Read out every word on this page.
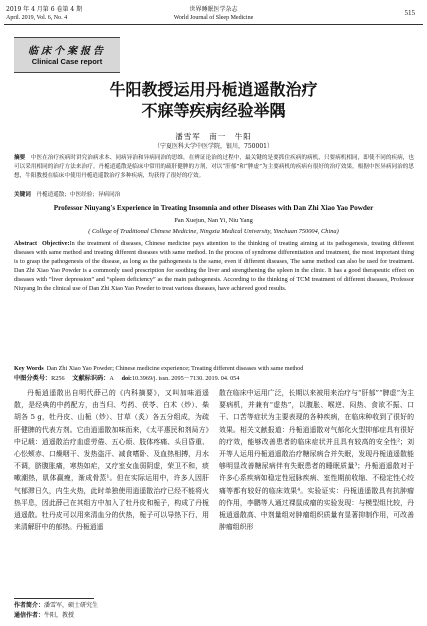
2019 年 4 月第 6 卷第 4 期
April. 2019, Vol. 6, No. 4
世界睡眠医学杂志
World Journal of Sleep Medicine
515
临床个案报告
Clinical Case report
牛阳教授运用丹栀逍遥散治疗
不寐等疾病经验举隅
潘雪军　南一　牛阳
（宁夏医科大学中医学院，银川，750001）
摘要　 中医在治疗疾病时讲究治病求本、同病异治和异病同治的思维，在辨证论治的过程中，最关键的是要抓住疾病的病机，只要病机相同，即使不同的疾病，也可以采用相同的治疗方法来治疗。丹栀逍遥散是临床中常用的疏肝健脾的方剂，对以“肝郁”和“脾虚”为主要病机的疾病有很好的治疗效果，根据中医异病同治的思想，牛阳教授在临床中使用丹栀逍遥散治疗多种疾病，均获得了很好的疗效。
关键词　 丹栀逍遥散；中医经验；异病同治
Professor Niuyang's Experience in Treating Insomnia and other Diseases with Dan Zhi Xiao Yao Powder
Pan Xuejun, Nan Yi, Niu Yang
( College of Traditional Chinese Medicine, Ningxia Medical University, Yinchuan 750004, China)
Abstract Objective:In the treatment of diseases, Chinese medicine pays attention to the thinking of treating aiming at its pathogenesis, treating different diseases with same method and treating different diseases with same method. In the process of syndrome differentiation and treatment, the most important thing is to grasp the pathogenesis of the disease, as long as the pathogenesis is the same, even if different diseases, The same method can also be used for treatment. Dan Zhi Xiao Yao Powder is a commonly used prescription for soothing the liver and strengthening the spleen in the clinic. It has a good therapeutic effect on diseases with “liver depression” and “spleen deficiency” as the main pathogenesis. According to the thinking of TCM treatment of different diseases, Professor Niuyang In the clinical use of Dan Zhi Xiao Yao Powder to treat various diseases, have achieved good results.
Key Words Dan Zhi Xiao Yao Powder; Chinese medicine experience; Treating different diseases with same method
中图分类号：R256 文献标识码：A doi:10.3969/j. issn. 2095－7130. 2019. 04. 054
丹栀逍遥散出自明代薛己的《内科摘要》，又叫加味逍遥散，是经典的中药配方，由当归、芍药、茯苓、白术（炒）、柴胡各 5 g，牡丹皮、山栀（炒）、甘草（炙）各五分组成，为疏肝健脾的代表方剂。它由逍遥散加味而来，《太平惠民和剂局方》中记载：逍遥散治疗血虚劳倦、五心烦、肢体疼痛、头目昏重、心忪颊赤、口燥咽干、发热盗汗、减食嗜卧、及血热相搏，月水不调，脐腹胀痛，寒热如疟，又疗室女血弱阴虚，荣卫不和，痰嗽潮热，肌体羸瘦，渐成骨蒸¹。但在实际运用中，许多人因肝气郁滞日久，内生火热，此时单独使用逍遥散治疗已经不能将火热平息，因此薛己在其组方中加入了牡丹皮和栀子，构成了丹栀逍遥散。牡丹皮可以用来清血分的伏热，栀子可以导热下行，用来清解肝中的郁热。丹栀逍遥
散在临床中运用广泛，长期以来被用来治疗与“肝郁”“脾虚”为主要病机，并兼有“虚热”，以腹胀、喉逆、闷热、食欲不振、口干、口苦等症状为主要表现的各种疾病，在临床种收到了很好的效果。相关文献报道：丹栀逍遥散对气郁化火型抑郁症具有很好的疗效，能够改善患者的临床症状并且具有较高的安全性²；刘开等人运用丹栀逍遥散治疗糖尿病合并失眠，发现丹栀逍遥散能够明显改善糖尿病伴有失眠患者的睡眠质量³；丹栀逍遥散对于许多心系疾病如稳定性冠脉疾病、室性期前收缩、不稳定性心绞痛等都有较好的临床效果⁴。实验证实：丹栀逍遥散具有抗肿瘤的作用，李鹏等人通过裸鼠成瘤的实验发现：与模型组比较，丹栀逍遥散高、中剂量组对肿瘤组织质量有显著抑制作用，可改善肿瘤组织形
作者简介：潘雪军，硕士研究生
通信作者：牛阳，教授
